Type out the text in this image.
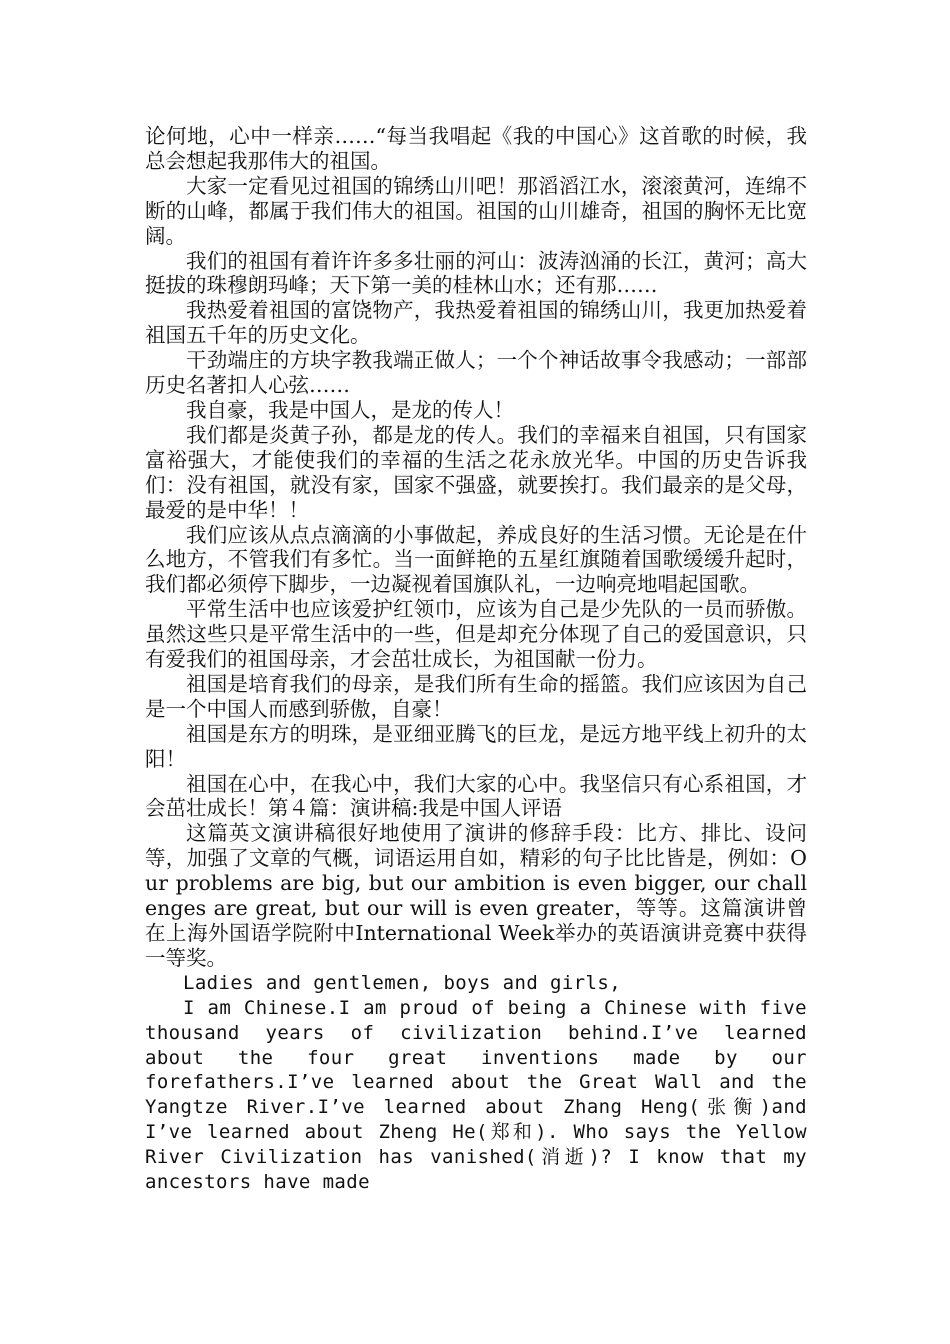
论何地，心中一样亲……“每当我唱起《我的中国心》这首歌的时候，我总会想起我那伟大的祖国。

大家一定看见过祖国的锦绣山川吧！那滔滔江水，滚滚黄河，连绵不断的山峰，都属于我们伟大的祖国。祖国的山川雄奇，祖国的胸怀无比宽阔。

我们的祖国有着许许多多壮丽的河山：波涛汹涌的长江，黄河；高大挺拔的珠穆朗玛峰；天下第一美的桂林山水；还有那……

我热爱着祖国的富饶物产，我热爱着祖国的锦绣山川，我更加热爱着祖国五千年的历史文化。

干劲端庄的方块字教我端正做人；一个个神话故事令我感动；一部部历史名著扣人心弦……

我自豪，我是中国人，是龙的传人！

我们都是炎黄子孙，都是龙的传人。我们的幸福来自祖国，只有国家富裕强大，才能使我们的幸福的生活之花永放光华。中国的历史告诉我们：没有祖国，就没有家，国家不强盛，就要挨打。我们最亲的是父母，最爱的是中华！！

我们应该从点点滴滴的小事做起，养成良好的生活习惯。无论是在什么地方，不管我们有多忙。当一面鲜艳的五星红旗随着国歌缓缓升起时，我们都必须停下脚步，一边凝视着国旗队礼，一边响亮地唱起国歌。

平常生活中也应该爱护红领巾，应该为自己是少先队的一员而骄傲。虽然这些只是平常生活中的一些，但是却充分体现了自己的爱国意识，只有爱我们的祖国母亲，才会茁壮成长，为祖国献一份力。

祖国是培育我们的母亲，是我们所有生命的摇篮。我们应该因为自己是一个中国人而感到骄傲，自豪！

祖国是东方的明珠，是亚细亚腾飞的巨龙，是远方地平线上初升的太阳！

祖国在心中，在我心中，我们大家的心中。我坚信只有心系祖国，才会茁壮成长！第４篇：演讲稿:我是中国人评语

这篇英文演讲稿很好地使用了演讲的修辞手段：比方、排比、设问等，加强了文章的气概，词语运用自如，精彩的句子比比皆是，例如：Our problems are big, but our ambition is even bigger, our challenges are great, but our will is even greater，等等。这篇演讲曾在上海外国语学院附中International Week举办的英语演讲竞赛中获得一等奖。

Ladies and gentlemen, boys and girls,

I am Chinese.I am proud of being a Chinese with five thousand years of civilization behind.I’ve learned about the four great inventions made by our forefathers.I’ve learned about the Great Wall and the Yangtze River.I’ve learned about Zhang Heng(张衡)and I’ve learned about Zheng He(郑和). Who says the Yellow River Civilization has vanished(消逝)? I know that my ancestors have made
